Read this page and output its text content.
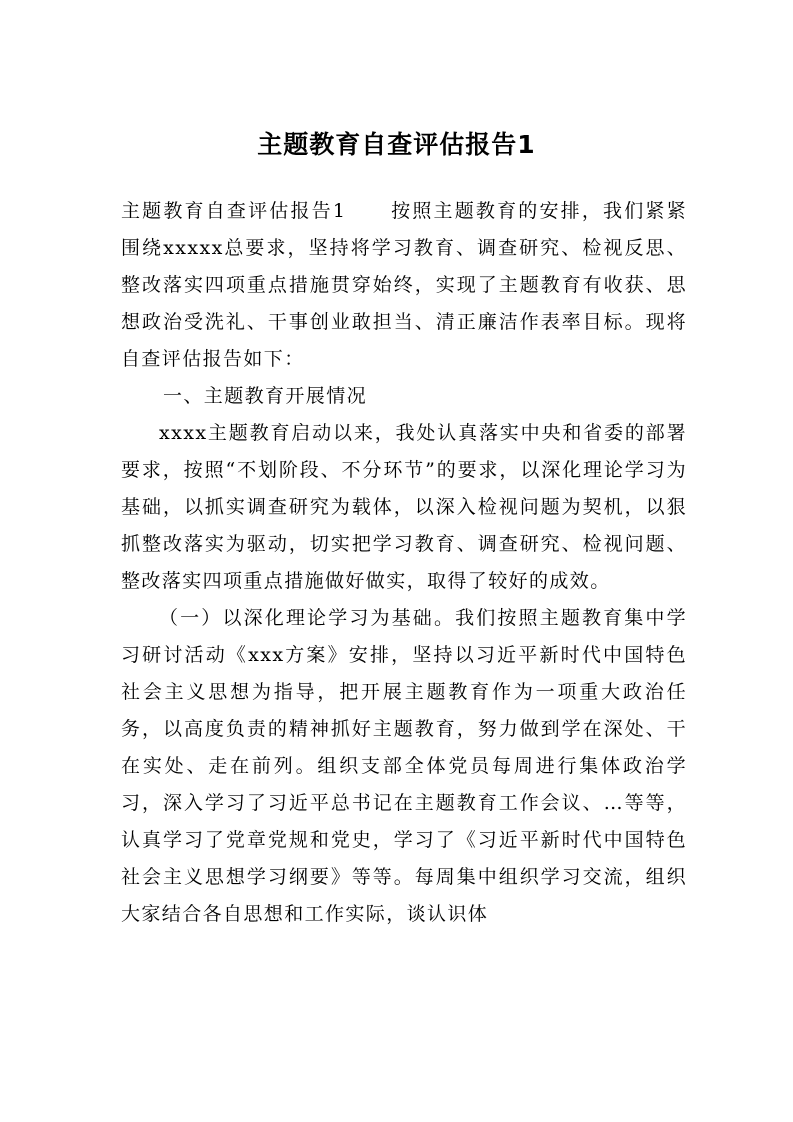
主题教育自查评估报告1

主题教育自查评估报告1 按照主题教育的安排，我们紧紧围绕xxxxx总要求，坚持将学习教育、调查研究、检视反思、整改落实四项重点措施贯穿始终，实现了主题教育有收获、思想政治受洗礼、干事创业敢担当、清正廉洁作表率目标。现将自查评估报告如下：

一、主题教育开展情况

xxxx主题教育启动以来，我处认真落实中央和省委的部署要求，按照“不划阶段、不分环节”的要求，以深化理论学习为基础，以抓实调查研究为载体，以深入检视问题为契机，以狠抓整改落实为驱动，切实把学习教育、调查研究、检视问题、整改落实四项重点措施做好做实，取得了较好的成效。

（一）以深化理论学习为基础。我们按照主题教育集中学习研讨活动《xxx方案》安排，坚持以习近平新时代中国特色社会主义思想为指导，把开展主题教育作为一项重大政治任务，以高度负责的精神抓好主题教育，努力做到学在深处、干在实处、走在前列。组织支部全体党员每周进行集体政治学习，深入学习了习近平总书记在主题教育工作会议、…等等，认真学习了党章党规和党史，学习了《习近平新时代中国特色社会主义思想学习纲要》等等。每周集中组织学习交流，组织大家结合各自思想和工作实际，谈认识体
